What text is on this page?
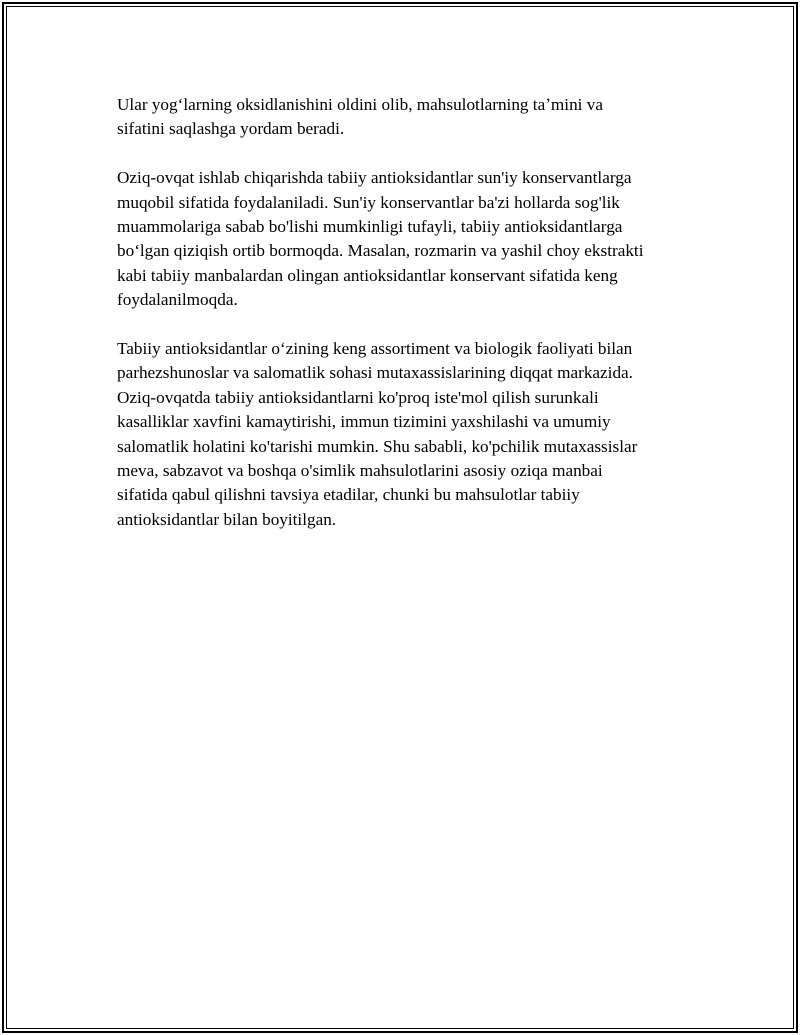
Ular yog‘larning oksidlanishini oldini olib, mahsulotlarning taʼmini va
sifatini saqlashga yordam beradi.

Oziq-ovqat ishlab chiqarishda tabiiy antioksidantlar sun'iy konservantlarga
muqobil sifatida foydalaniladi. Sun'iy konservantlar ba'zi hollarda sog'lik
muammolariga sabab bo'lishi mumkinligi tufayli, tabiiy antioksidantlarga
bo‘lgan qiziqish ortib bormoqda. Masalan, rozmarin va yashil choy ekstrakti
kabi tabiiy manbalardan olingan antioksidantlar konservant sifatida keng
foydalanilmoqda.

Tabiiy antioksidantlar o‘zining keng assortiment va biologik faoliyati bilan
parhezshunoslar va salomatlik sohasi mutaxassislarining diqqat markazida.
Oziq-ovqatda tabiiy antioksidantlarni ko'proq iste'mol qilish surunkali
kasalliklar xavfini kamaytirishi, immun tizimini yaxshilashi va umumiy
salomatlik holatini ko'tarishi mumkin. Shu sababli, ko'pchilik mutaxassislar
meva, sabzavot va boshqa o'simlik mahsulotlarini asosiy oziqa manbai
sifatida qabul qilishni tavsiya etadilar, chunki bu mahsulotlar tabiiy
antioksidantlar bilan boyitilgan.
